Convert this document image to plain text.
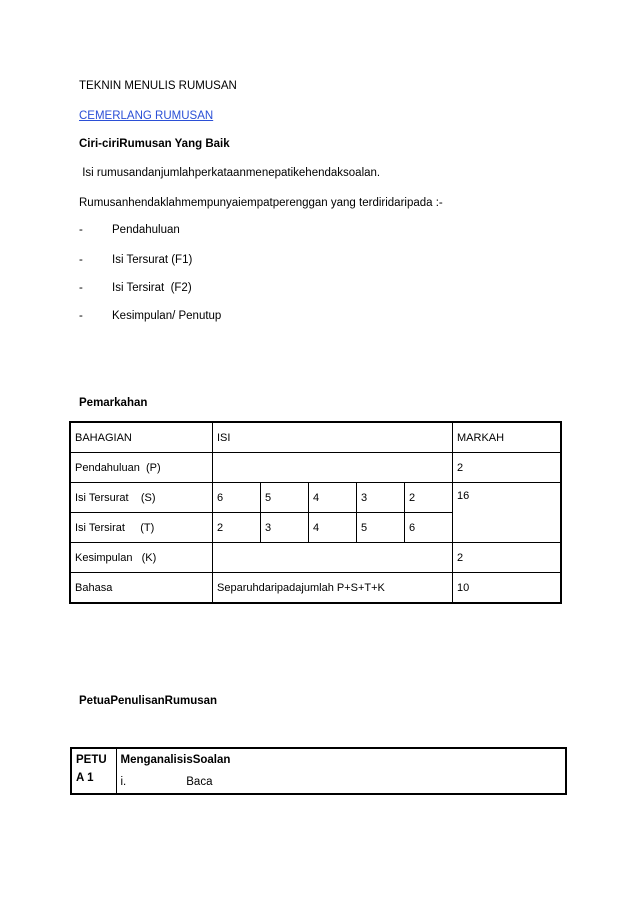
TEKNIN MENULIS RUMUSAN
CEMERLANG RUMUSAN
Ciri-ciriRumusan Yang Baik
Isi rumusandanjumlahperkataanmenepatikehendaksoalan.
Rumusanhendaklahmempunyaiempatperenggan yang terdiridaripada :-
-	Pendahuluan
-	Isi Tersurat (F1)
-	Isi Tersirat  (F2)
-	Kesimpulan/ Penutup
Pemarkahan
BAHAGIAN	ISI					MARKAH
Pendahuluan  (P)						2
Isi Tersurat    (S)	6	5	4	3	2	16
Isi Tersirat     (T)	2	3	4	5	6	
Kesimpulan   (K)						2
Bahasa	Separuhdaripadajumlah P+S+T+K					10
PetuaPenulisanRumusan
PETU
A 1

MenganalisisSoalan
i.	Baca
